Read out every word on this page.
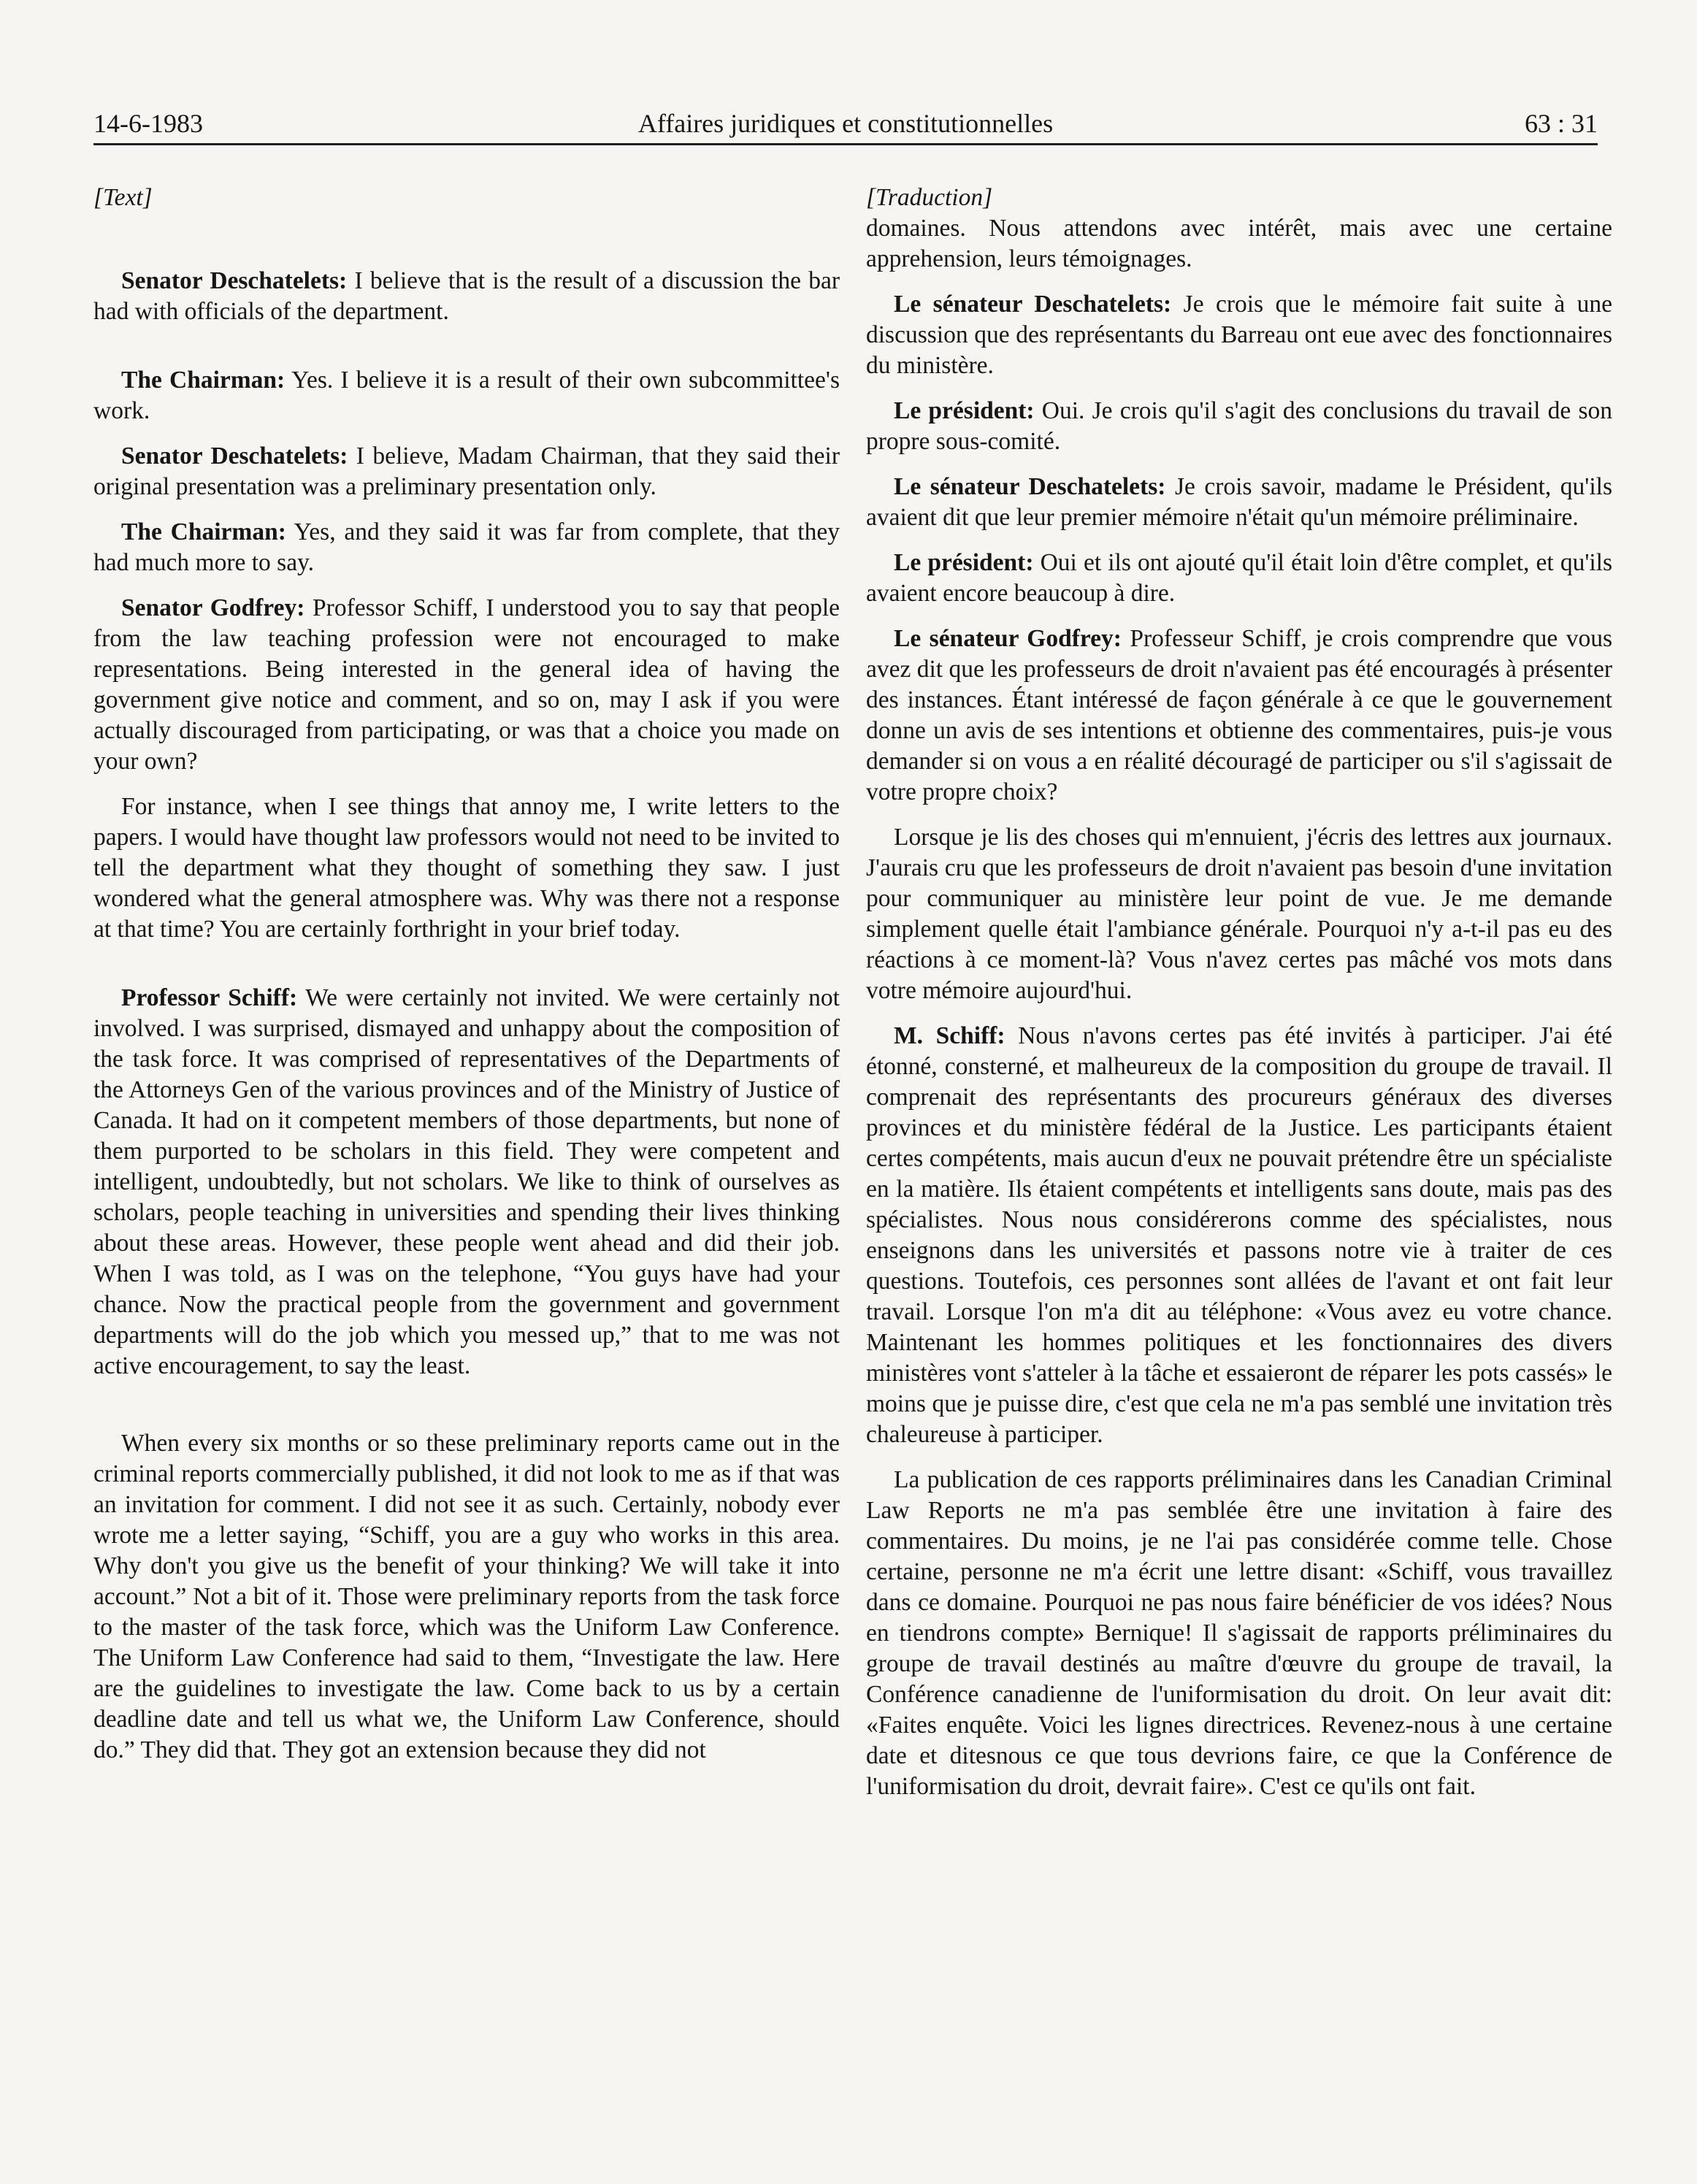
14-6-1983	Affaires juridiques et constitutionnelles	63 : 31

[Text]

Senator Deschatelets: I believe that is the result of a discussion the bar had with officials of the department.

The Chairman: Yes. I believe it is a result of their own subcommittee's work.

Senator Deschatelets: I believe, Madam Chairman, that they said their original presentation was a preliminary presentation only.

The Chairman: Yes, and they said it was far from complete, that they had much more to say.

Senator Godfrey: Professor Schiff, I understood you to say that people from the law teaching profession were not encouraged to make representations. Being interested in the general idea of having the government give notice and comment, and so on, may I ask if you were actually discouraged from participating, or was that a choice you made on your own?

For instance, when I see things that annoy me, I write letters to the papers. I would have thought law professors would not need to be invited to tell the department what they thought of something they saw. I just wondered what the general atmosphere was. Why was there not a response at that time? You are certainly forthright in your brief today.

Professor Schiff: We were certainly not invited. We were certainly not involved. I was surprised, dismayed and unhappy about the composition of the task force. It was comprised of representatives of the Departments of the Attorneys Gen of the various provinces and of the Ministry of Justice of Canada. It had on it competent members of those departments, but none of them purported to be scholars in this field. They were competent and intelligent, undoubtedly, but not scholars. We like to think of ourselves as scholars, people teaching in universities and spending their lives thinking about these areas. However, these people went ahead and did their job. When I was told, as I was on the telephone, “You guys have had your chance. Now the practical people from the government and government departments will do the job which you messed up,” that to me was not active encouragement, to say the least.

When every six months or so these preliminary reports came out in the criminal reports commercially published, it did not look to me as if that was an invitation for comment. I did not see it as such. Certainly, nobody ever wrote me a letter saying, “Schiff, you are a guy who works in this area. Why don't you give us the benefit of your thinking? We will take it into account.” Not a bit of it. Those were preliminary reports from the task force to the master of the task force, which was the Uniform Law Conference. The Uniform Law Conference had said to them, “Investigate the law. Here are the guidelines to investigate the law. Come back to us by a certain deadline date and tell us what we, the Uniform Law Conference, should do.” They did that. They got an extension because they did not

[Traduction]

domaines. Nous attendons avec intérêt, mais avec une certaine apprehension, leurs témoignages.

Le sénateur Deschatelets: Je crois que le mémoire fait suite à une discussion que des représentants du Barreau ont eue avec des fonctionnaires du ministère.

Le président: Oui. Je crois qu'il s'agit des conclusions du travail de son propre sous-comité.

Le sénateur Deschatelets: Je crois savoir, madame le Président, qu'ils avaient dit que leur premier mémoire n'était qu'un mémoire préliminaire.

Le président: Oui et ils ont ajouté qu'il était loin d'être complet, et qu'ils avaient encore beaucoup à dire.

Le sénateur Godfrey: Professeur Schiff, je crois comprendre que vous avez dit que les professeurs de droit n'avaient pas été encouragés à présenter des instances. Étant intéressé de façon générale à ce que le gouvernement donne un avis de ses intentions et obtienne des commentaires, puis-je vous demander si on vous a en réalité découragé de participer ou s'il s'agissait de votre propre choix?

Lorsque je lis des choses qui m'ennuient, j'écris des lettres aux journaux. J'aurais cru que les professeurs de droit n'avaient pas besoin d'une invitation pour communiquer au ministère leur point de vue. Je me demande simplement quelle était l'ambiance générale. Pourquoi n'y a-t-il pas eu des réactions à ce moment-là? Vous n'avez certes pas mâché vos mots dans votre mémoire aujourd'hui.

M. Schiff: Nous n'avons certes pas été invités à participer. J'ai été étonné, consterné, et malheureux de la composition du groupe de travail. Il comprenait des représentants des procureurs généraux des diverses provinces et du ministère fédéral de la Justice. Les participants étaient certes compétents, mais aucun d'eux ne pouvait prétendre être un spécialiste en la matière. Ils étaient compétents et intelligents sans doute, mais pas des spécialistes. Nous nous considérerons comme des spécialistes, nous enseignons dans les universités et passons notre vie à traiter de ces questions. Toutefois, ces personnes sont allées de l'avant et ont fait leur travail. Lorsque l'on m'a dit au téléphone: «Vous avez eu votre chance. Maintenant les hommes politiques et les fonctionnaires des divers ministères vont s'atteler à la tâche et essaieront de réparer les pots cassés» le moins que je puisse dire, c'est que cela ne m'a pas semblé une invitation très chaleureuse à participer.

La publication de ces rapports préliminaires dans les Canadian Criminal Law Reports ne m'a pas semblée être une invitation à faire des commentaires. Du moins, je ne l'ai pas considérée comme telle. Chose certaine, personne ne m'a écrit une lettre disant: «Schiff, vous travaillez dans ce domaine. Pourquoi ne pas nous faire bénéficier de vos idées? Nous en tiendrons compte» Bernique! Il s'agissait de rapports préliminaires du groupe de travail destinés au maître d'œuvre du groupe de travail, la Conférence canadienne de l'uniformisation du droit. On leur avait dit: «Faites enquête. Voici les lignes directrices. Revenez-nous à une certaine date et ditesnous ce que tous devrions faire, ce que la Conférence de l'uniformisation du droit, devrait faire». C'est ce qu'ils ont fait.
